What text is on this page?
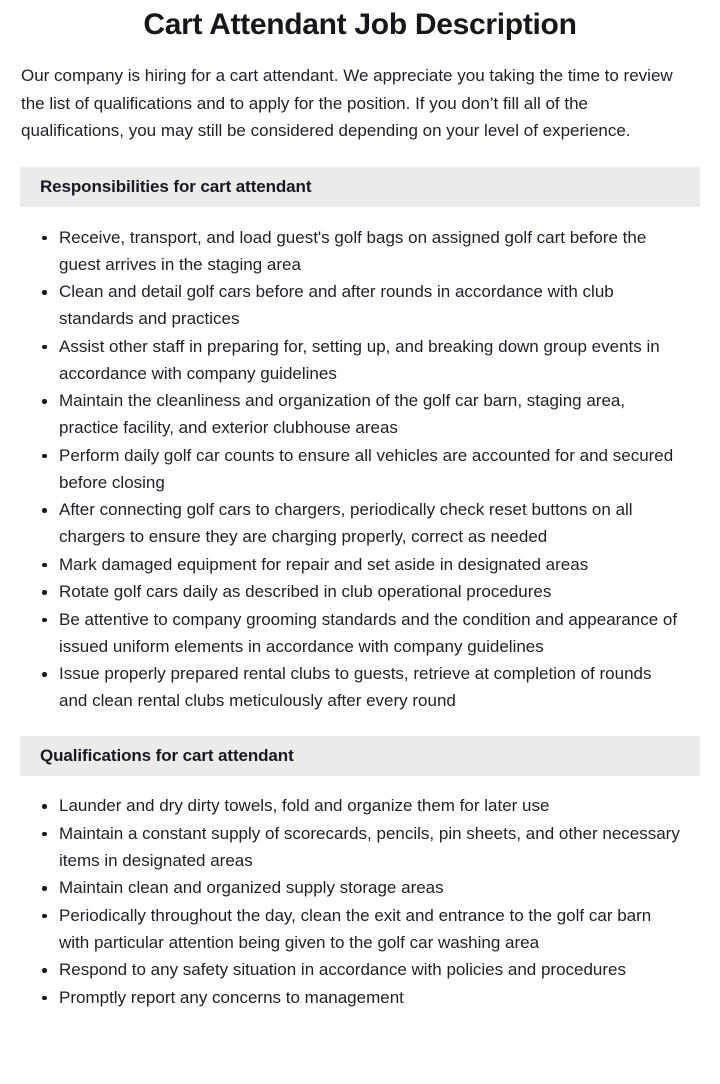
Cart Attendant Job Description

Our company is hiring for a cart attendant. We appreciate you taking the time to review the list of qualifications and to apply for the position. If you don’t fill all of the qualifications, you may still be considered depending on your level of experience.

Responsibilities for cart attendant
Receive, transport, and load guest's golf bags on assigned golf cart before the guest arrives in the staging area
Clean and detail golf cars before and after rounds in accordance with club standards and practices
Assist other staff in preparing for, setting up, and breaking down group events in accordance with company guidelines
Maintain the cleanliness and organization of the golf car barn, staging area, practice facility, and exterior clubhouse areas
Perform daily golf car counts to ensure all vehicles are accounted for and secured before closing
After connecting golf cars to chargers, periodically check reset buttons on all chargers to ensure they are charging properly, correct as needed
Mark damaged equipment for repair and set aside in designated areas
Rotate golf cars daily as described in club operational procedures
Be attentive to company grooming standards and the condition and appearance of issued uniform elements in accordance with company guidelines
Issue properly prepared rental clubs to guests, retrieve at completion of rounds and clean rental clubs meticulously after every round
Qualifications for cart attendant
Launder and dry dirty towels, fold and organize them for later use
Maintain a constant supply of scorecards, pencils, pin sheets, and other necessary items in designated areas
Maintain clean and organized supply storage areas
Periodically throughout the day, clean the exit and entrance to the golf car barn with particular attention being given to the golf car washing area
Respond to any safety situation in accordance with policies and procedures
Promptly report any concerns to management
